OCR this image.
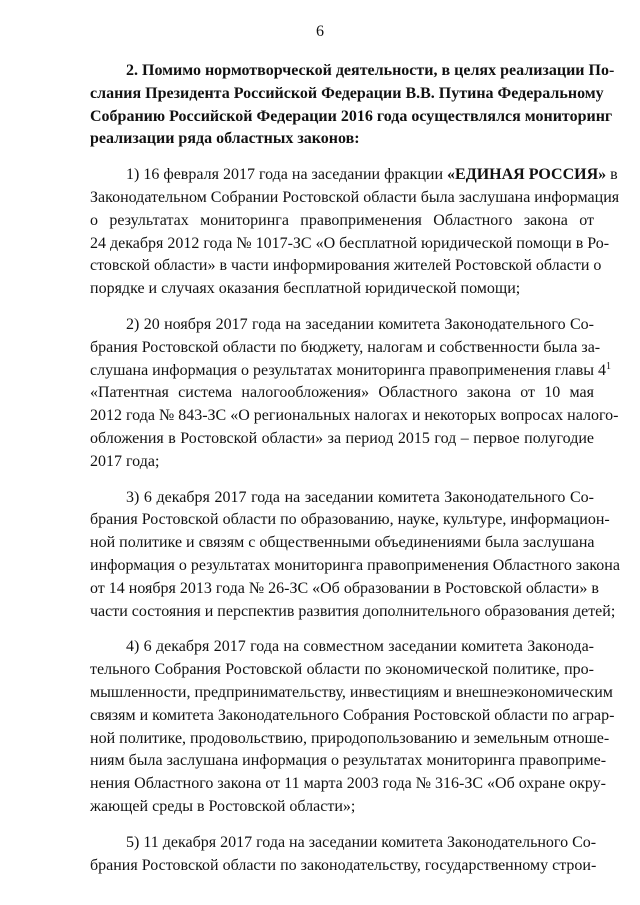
6
2. Помимо нормотворческой деятельности, в целях реализации По-
слания Президента Российской Федерации В.В. Путина Федеральному
Собранию Российской Федерации 2016 года осуществлялся мониторинг
реализации ряда областных законов:
1) 16 февраля 2017 года на заседании фракции «ЕДИНАЯ РОССИЯ» в
Законодательном Собрании Ростовской области была заслушана информация
о результатах мониторинга правоприменения Областного закона от
24 декабря 2012 года № 1017-ЗС «О бесплатной юридической помощи в Ро-
стовской области» в части информирования жителей Ростовской области о
порядке и случаях оказания бесплатной юридической помощи;
2) 20 ноября 2017 года на заседании комитета Законодательного Со-
брания Ростовской области по бюджету, налогам и собственности была за-
слушана информация о результатах мониторинга правоприменения главы $4^1$
«Патентная система налогообложения» Областного закона от 10 мая
2012 года № 843-ЗС «О региональных налогах и некоторых вопросах налого-
обложения в Ростовской области» за период 2015 год – первое полугодие
2017 года;
3) 6 декабря 2017 года на заседании комитета Законодательного Со-
брания Ростовской области по образованию, науке, культуре, информацион-
ной политике и связям с общественными объединениями была заслушана
информация о результатах мониторинга правоприменения Областного закона
от 14 ноября 2013 года № 26-ЗС «Об образовании в Ростовской области» в
части состояния и перспектив развития дополнительного образования детей;
4) 6 декабря 2017 года на совместном заседании комитета Законода-
тельного Собрания Ростовской области по экономической политике, про-
мышленности, предпринимательству, инвестициям и внешнеэкономическим
связям и комитета Законодательного Собрания Ростовской области по аграр-
ной политике, продовольствию, природопользованию и земельным отноше-
ниям была заслушана информация о результатах мониторинга правоприме-
нения Областного закона от 11 марта 2003 года № 316-ЗС «Об охране окру-
жающей среды в Ростовской области»;
5) 11 декабря 2017 года на заседании комитета Законодательного Со-
брания Ростовской области по законодательству, государственному строи-
